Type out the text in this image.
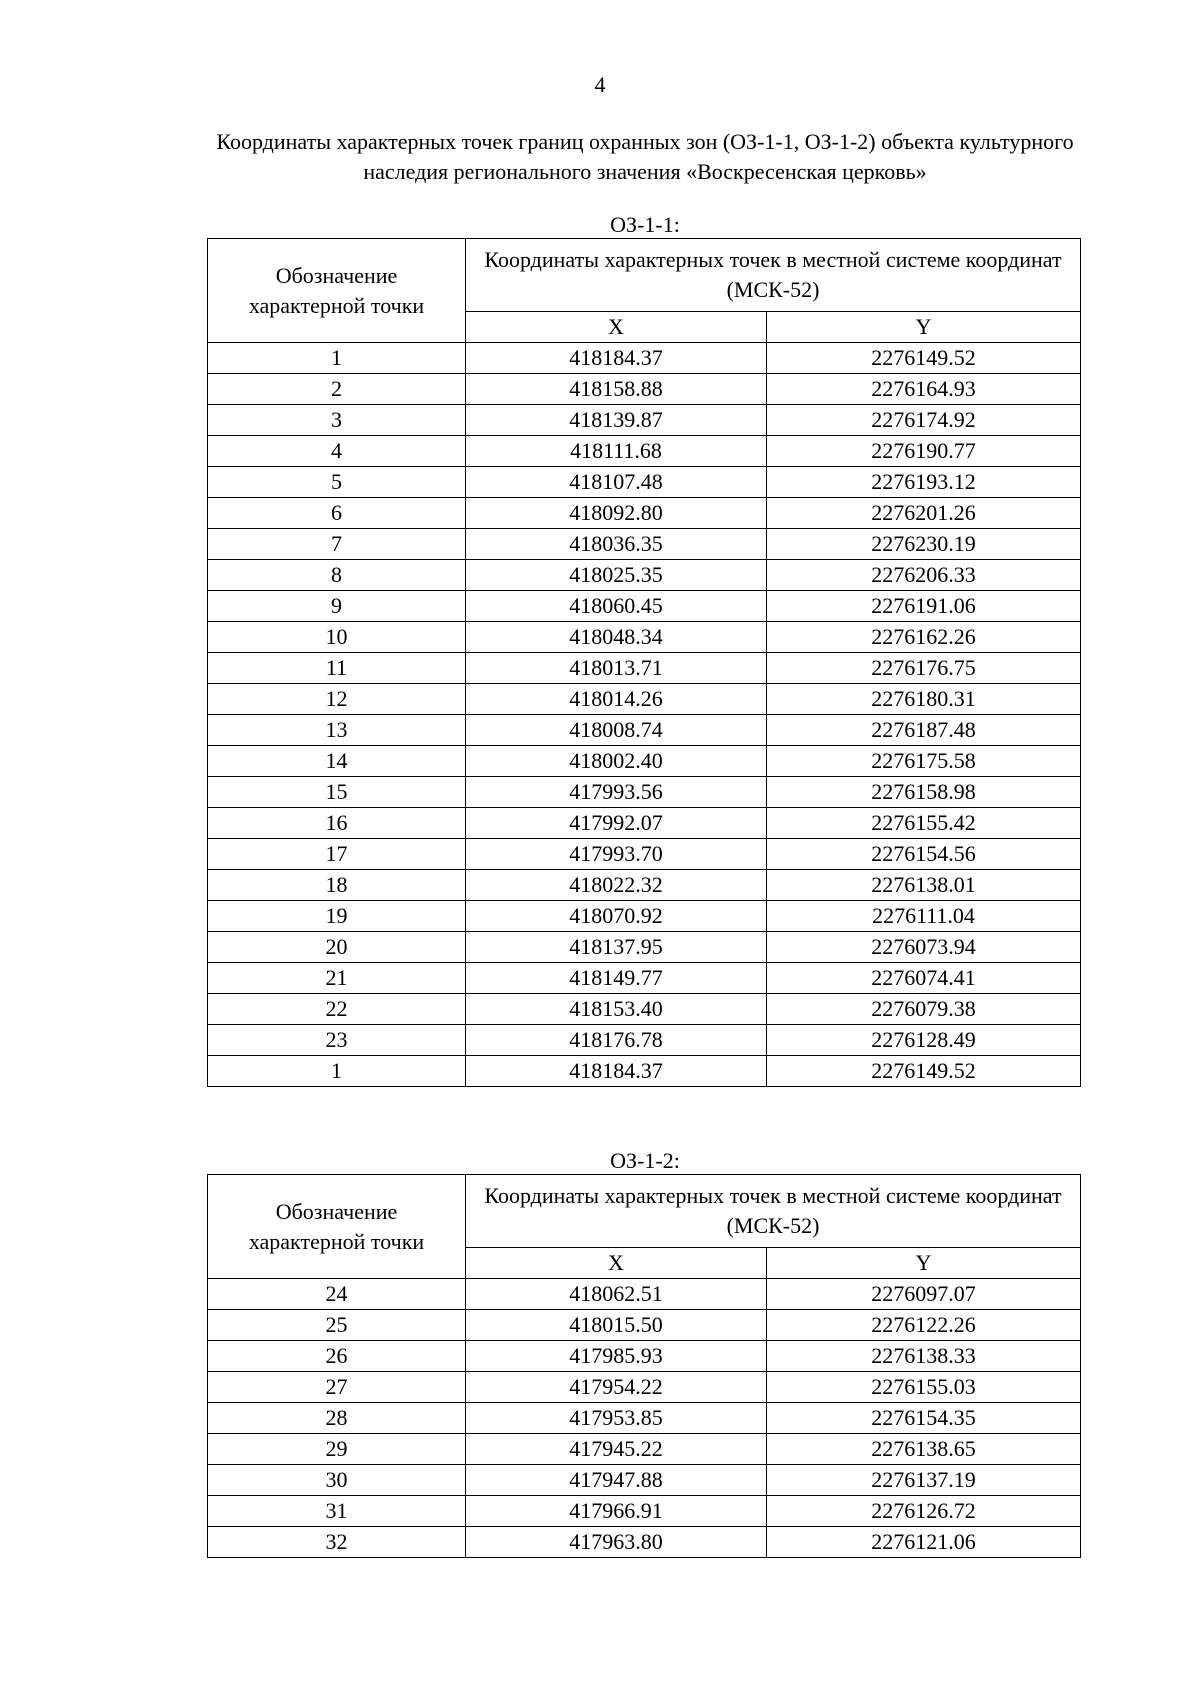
4
Координаты характерных точек границ охранных зон (ОЗ-1-1, ОЗ-1-2) объекта культурного наследия регионального значения «Воскресенская церковь»
ОЗ-1-1:
Обозначение характерной точки	Координаты характерных точек в местной системе координат (МСК-52)	
	X	Y
1	418184.37	2276149.52
2	418158.88	2276164.93
3	418139.87	2276174.92
4	418111.68	2276190.77
5	418107.48	2276193.12
6	418092.80	2276201.26
7	418036.35	2276230.19
8	418025.35	2276206.33
9	418060.45	2276191.06
10	418048.34	2276162.26
11	418013.71	2276176.75
12	418014.26	2276180.31
13	418008.74	2276187.48
14	418002.40	2276175.58
15	417993.56	2276158.98
16	417992.07	2276155.42
17	417993.70	2276154.56
18	418022.32	2276138.01
19	418070.92	2276111.04
20	418137.95	2276073.94
21	418149.77	2276074.41
22	418153.40	2276079.38
23	418176.78	2276128.49
1	418184.37	2276149.52
ОЗ-1-2:
Обозначение характерной точки	Координаты характерных точек в местной системе координат (МСК-52)	
	X	Y
24	418062.51	2276097.07
25	418015.50	2276122.26
26	417985.93	2276138.33
27	417954.22	2276155.03
28	417953.85	2276154.35
29	417945.22	2276138.65
30	417947.88	2276137.19
31	417966.91	2276126.72
32	417963.80	2276121.06
